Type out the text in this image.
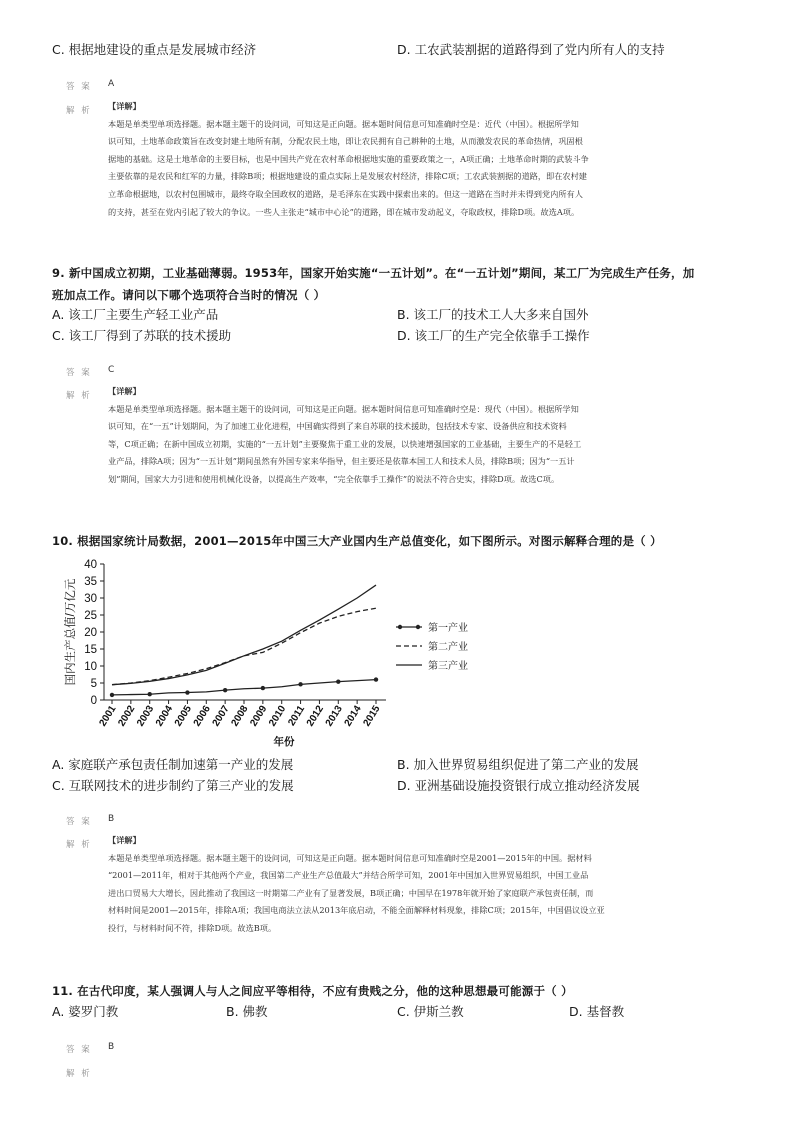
C. 根据地建设的重点是发展城市经济	D. 工农武装割据的道路得到了党内所有人的支持
答 案 A
解 析 【详解】

本题是单类型单项选择题。据本题主题干的设问词，可知这是正向题。据本题时间信息可知准确时空是：近代（中国）。根据所学知

识可知，土地革命政策旨在改变封建土地所有制，分配农民土地，即让农民拥有自己耕种的土地，从而激发农民的革命热情，巩固根

据地的基础。这是土地革命的主要目标，也是中国共产党在农村革命根据地实施的重要政策之一，A项正确；土地革命时期的武装斗争

主要依靠的是农民和红军的力量，排除B项；根据地建设的重点实际上是发展农村经济，排除C项；工农武装割据的道路，即在农村建

立革命根据地，以农村包围城市，最终夺取全国政权的道路，是毛泽东在实践中探索出来的。但这一道路在当时并未得到党内所有人

的支持，甚至在党内引起了较大的争议。一些人主张走“城市中心论”的道路，即在城市发动起义，夺取政权，排除D项。故选A项。

9. 新中国成立初期，工业基础薄弱。1953年，国家开始实施“一五计划”。在“一五计划”期间，某工厂为完成生产任务，加
班加点工作。请问以下哪个选项符合当时的情况（ ）
A. 该工厂主要生产轻工业产品	B. 该工厂的技术工人大多来自国外
C. 该工厂得到了苏联的技术援助	D. 该工厂的生产完全依靠手工操作
答 案 C
解 析 【详解】

本题是单类型单项选择题。据本题主题干的设问词，可知这是正向题。据本题时间信息可知准确时空是：现代（中国）。根据所学知

识可知，在“一五”计划期间，为了加速工业化进程，中国确实得到了来自苏联的技术援助，包括技术专家、设备供应和技术资料

等，C项正确；在新中国成立初期，实施的“一五计划”主要聚焦于重工业的发展，以快速增强国家的工业基础，主要生产的不是轻工

业产品，排除A项；因为“一五计划”期间虽然有外国专家来华指导，但主要还是依靠本国工人和技术人员，排除B项；因为“一五计

划”期间，国家大力引进和使用机械化设备，以提高生产效率，“完全依靠手工操作”的说法不符合史实，排除D项。故选C项。

10. 根据国家统计局数据，2001—2015年中国三大产业国内生产总值变化，如下图所示。对图示解释合理的是（ ）
0
5
10
15
20
25
30
35
40
2001
2002
2003
2004
2005
2006
2007
2008
2009
2010
2011
2012
2013
2014
2015
国内生产总值/万亿元
年份
第一产业
第二产业
第三产业
A. 家庭联产承包责任制加速第一产业的发展	B. 加入世界贸易组织促进了第二产业的发展
C. 互联网技术的进步制约了第三产业的发展	D. 亚洲基础设施投资银行成立推动经济发展
答 案 B
解 析 【详解】

本题是单类型单项选择题。据本题主题干的设问词，可知这是正向题。据本题时间信息可知准确时空是2001—2015年的中国。据材料

“2001—2011年，相对于其他两个产业，我国第二产业生产总值最大”并结合所学可知，2001年中国加入世界贸易组织，中国工业品

进出口贸易大大增长，因此推动了我国这一时期第二产业有了显著发展，B项正确；中国早在1978年就开始了家庭联产承包责任制，而

材料时间是2001—2015年，排除A项；我国电商法立法从2013年底启动，不能全面解释材料现象，排除C项；2015年，中国倡议设立亚

投行，与材料时间不符，排除D项。故选B项。

11. 在古代印度，某人强调人与人之间应平等相待，不应有贵贱之分，他的这种思想最可能源于（ ）
A. 婆罗门教	B. 佛教	C. 伊斯兰教	D. 基督教
答 案 B
解 析
